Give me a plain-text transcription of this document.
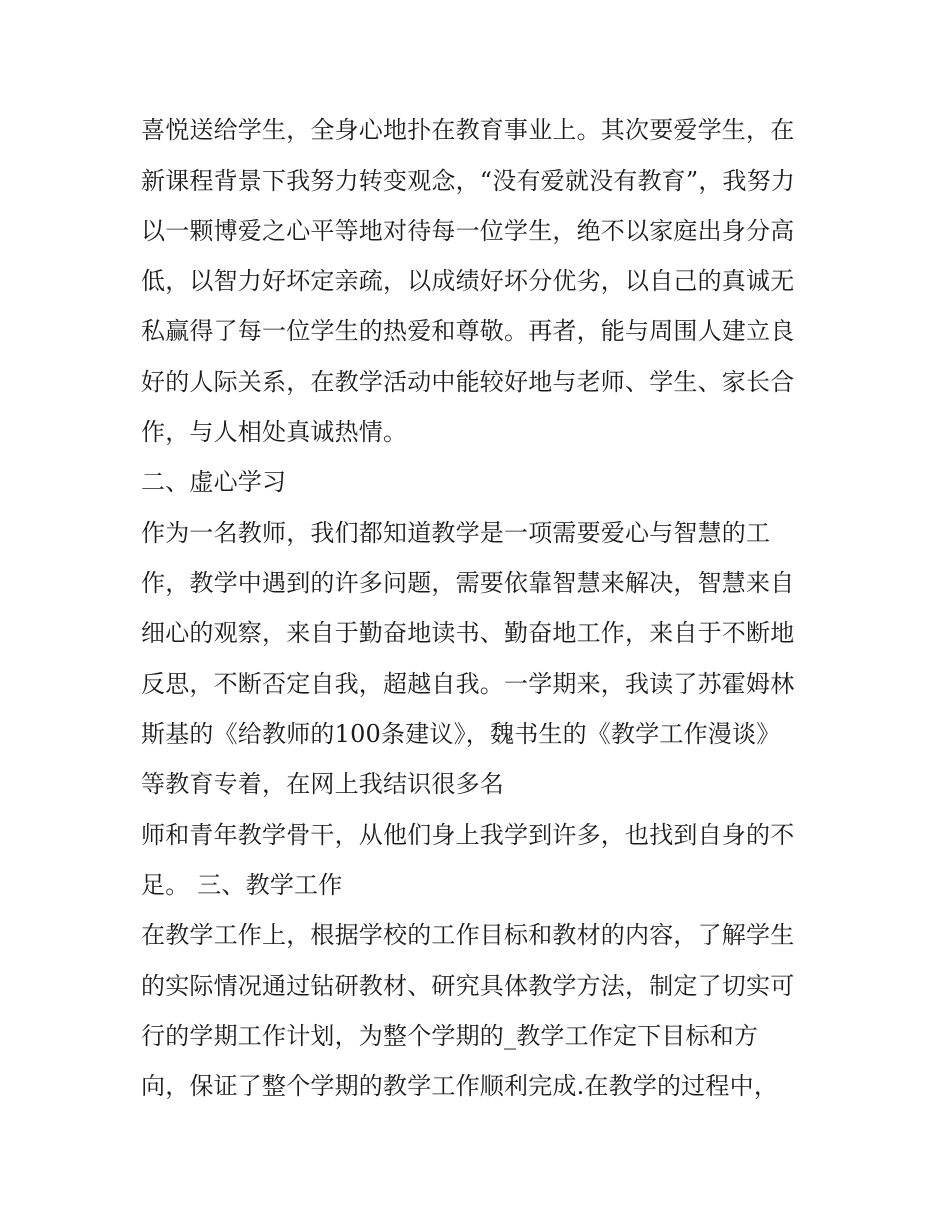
喜悦送给学生，全身心地扑在教育事业上。其次要爱学生，在
新课程背景下我努力转变观念，“没有爱就没有教育”，我努力
以一颗博爱之心平等地对待每一位学生，绝不以家庭出身分高
低，以智力好坏定亲疏，以成绩好坏分优劣，以自己的真诚无
私赢得了每一位学生的热爱和尊敬。再者，能与周围人建立良
好的人际关系，在教学活动中能较好地与老师、学生、家长合
作，与人相处真诚热情。
二、虚心学习
作为一名教师，我们都知道教学是一项需要爱心与智慧的工
作，教学中遇到的许多问题，需要依靠智慧来解决，智慧来自
细心的观察，来自于勤奋地读书、勤奋地工作，来自于不断地
反思，不断否定自我，超越自我。一学期来，我读了苏霍姆林
斯基的《给教师的100条建议》，魏书生的《教学工作漫谈》
等教育专着，在网上我结识很多名
师和青年教学骨干，从他们身上我学到许多，也找到自身的不
足。 三、教学工作
在教学工作上，根据学校的工作目标和教材的内容，了解学生
的实际情况通过钻研教材、研究具体教学方法，制定了切实可
行的学期工作计划，为整个学期的_教学工作定下目标和方
向，保证了整个学期的教学工作顺利完成.在教学的过程中，
